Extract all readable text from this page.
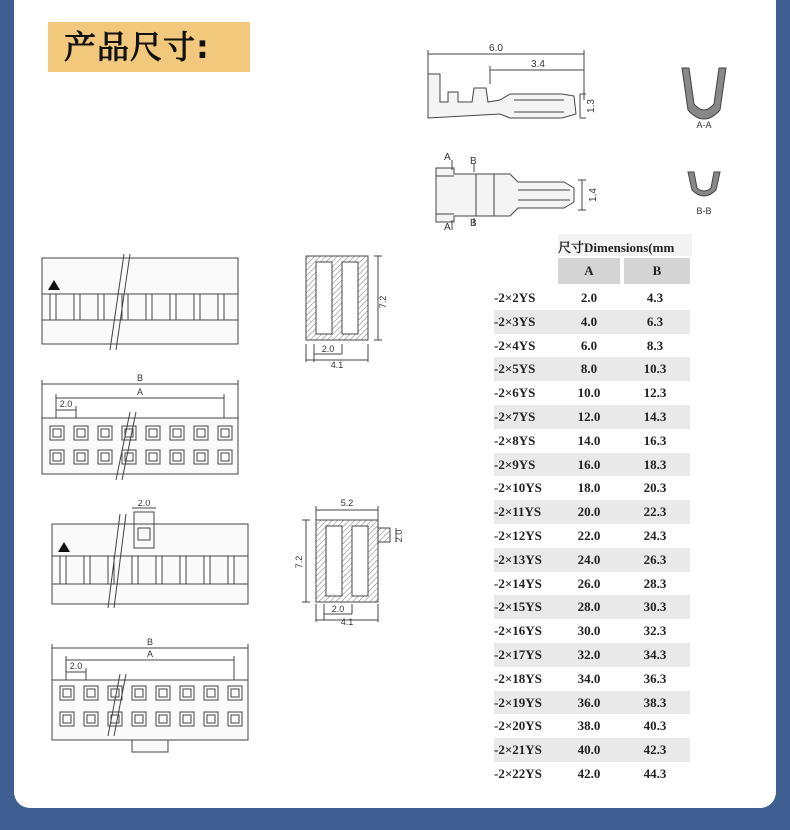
产品尺寸:	6.0
3.4
1.3
1.4
A-A
B-B
A B
A B
B
A
2.0
7.2
2.0
4.1
2.0
B
A
2.0
5.2
2.0
7.2
2.0
4.1
尺寸Dimensions(mm
A	B
-2×2YS	2.0	4.3
-2×3YS	4.0	6.3
-2×4YS	6.0	8.3
-2×5YS	8.0	10.3
-2×6YS	10.0	12.3
-2×7YS	12.0	14.3
-2×8YS	14.0	16.3
-2×9YS	16.0	18.3
-2×10YS	18.0	20.3
-2×11YS	20.0	22.3
-2×12YS	22.0	24.3
-2×13YS	24.0	26.3
-2×14YS	26.0	28.3
-2×15YS	28.0	30.3
-2×16YS	30.0	32.3
-2×17YS	32.0	34.3
-2×18YS	34.0	36.3
-2×19YS	36.0	38.3
-2×20YS	38.0	40.3
-2×21YS	40.0	42.3
-2×22YS	42.0	44.3
